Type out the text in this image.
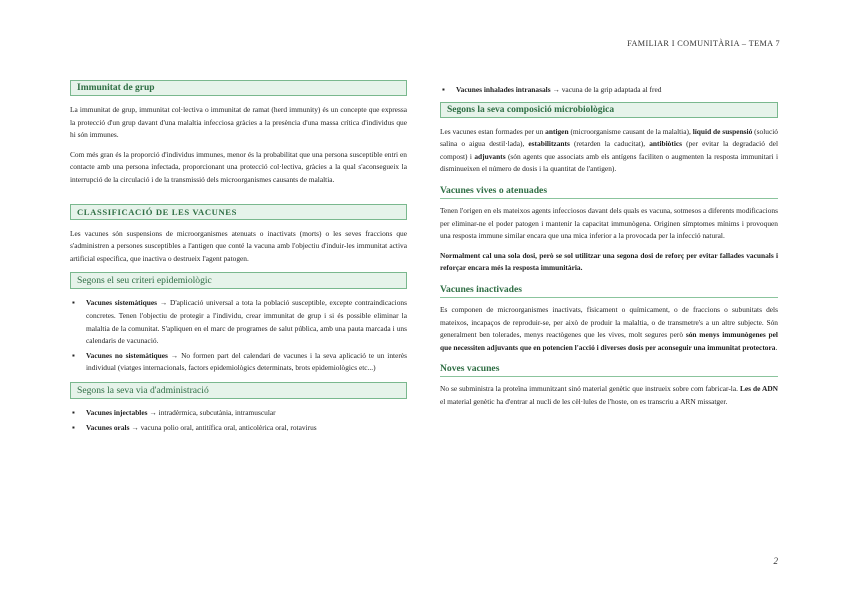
FAMILIAR I COMUNITÀRIA – TEMA 7
Immunitat de grup

La immunitat de grup, immunitat col·lectiva o immunitat de ramat (herd immunity) és un concepte que expressa la protecció d'un grup davant d'una malaltia infecciosa gràcies a la presència d'una massa crítica d'individus que hi són immunes.

Com més gran és la proporció d'individus immunes, menor és la probabilitat que una persona susceptible entri en contacte amb una persona infectada, proporcionant una protecció col·lectiva, gràcies a la qual s'aconsegueix la interrupció de la circulació i de la transmissió dels microorganismes causants de malaltia.

CLASSIFICACIÓ DE LES VACUNES

Les vacunes són suspensions de microorganismes atenuats o inactivats (morts) o les seves fraccions que s'administren a persones susceptibles a l'antigen que conté la vacuna amb l'objectiu d'induir-les immunitat activa artificial específica, que inactiva o destrueix l'agent patogen.

Segons el seu criteri epidemiològic
▪ Vacunes sistemàtiques → D'aplicació universal a tota la població susceptible, excepte contraindicacions concretes. Tenen l'objectiu de protegir a l'individu, crear immunitat de grup i si és possible eliminar la malaltia de la comunitat. S'apliquen en el marc de programes de salut pública, amb una pauta marcada i uns calendaris de vacunació.
▪ Vacunes no sistemàtiques → No formen part del calendari de vacunes i la seva aplicació te un interès individual (viatges internacionals, factors epidemiològics determinats, brots epidemiològics etc...)
Segons la seva via d'administració
▪ Vacunes injectables → intradèrmica, subcutània, intramuscular
▪ Vacunes orals → vacuna polio oral, antitífica oral, anticolèrica oral, rotavirus
▪ Vacunes inhalades intranasals → vacuna de la grip adaptada al fred
Segons la seva composició microbiològica

Les vacunes estan formades per un antigen (microorganisme causant de la malaltia), líquid de suspensió (solució salina o aigua destil·lada), estabilitzants (retarden la caducitat), antibiòtics (per evitar la degradació del compost) i adjuvants (són agents que associats amb els antígens faciliten o augmenten la resposta immunitari i disminueixen el número de dosis i la quantitat de l'antigen).

Vacunes vives o atenuades

Tenen l'origen en els mateixos agents infecciosos davant dels quals es vacuna, sotmesos a diferents modificacions per eliminar-ne el poder patogen i mantenir la capacitat immunògena. Originen símptomes mínims i provoquen una resposta immune similar encara que una mica inferior a la provocada per la infecció natural.

Normalment cal una sola dosi, però se sol utilitzar una segona dosi de reforç per evitar fallades vacunals i reforçar encara més la resposta immunitària.

Vacunes inactivades

Es componen de microorganismes inactivats, físicament o químicament, o de fraccions o subunitats dels mateixos, incapaços de reproduir-se, per això de produir la malaltia, o de transmetre's a un altre subjecte. Són generalment ben tolerades, menys reactògenes que les vives, molt segures però són menys immunògenes pel que necessiten adjuvants que en potencien l'acció i diverses dosis per aconseguir una immunitat protectora.

Noves vacunes

No se subministra la proteïna immunitzant sinó material genètic que instrueix sobre com fabricar-la. Les de ADN el material genètic ha d'entrar al nucli de les cèl·lules de l'hoste, on es transcriu a ARN missatger.

2
